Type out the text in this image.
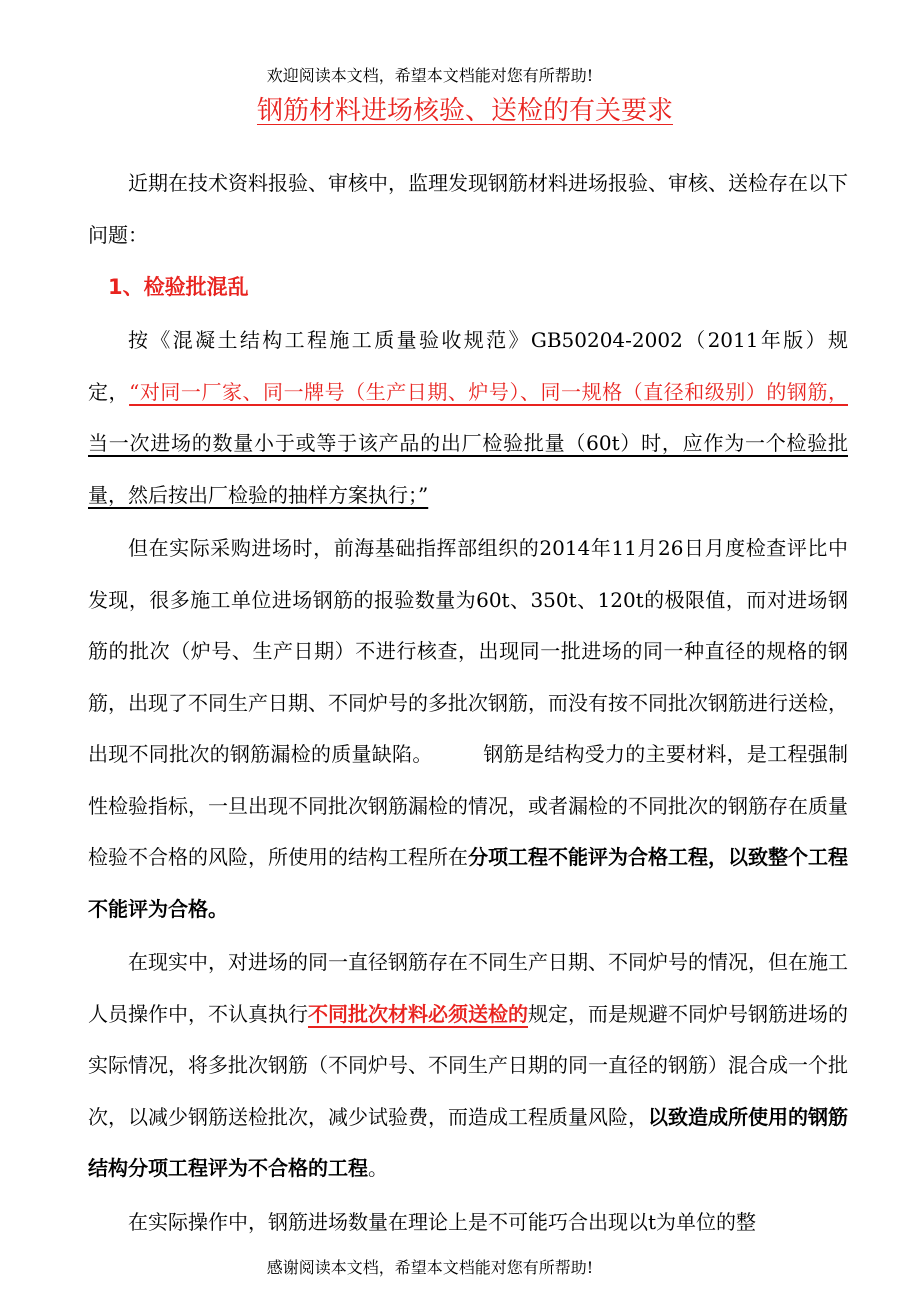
欢迎阅读本文档，希望本文档能对您有所帮助!
钢筋材料进场核验、送检的有关要求

近期在技术资料报验、审核中，监理发现钢筋材料进场报验、审核、送检存在以下问题：

1、检验批混乱

按《混凝土结构工程施工质量验收规范》GB50204-2002（2011年版）规定，“对同一厂家、同一牌号（生产日期、炉号）、同一规格（直径和级别）的钢筋，当一次进场的数量小于或等于该产品的出厂检验批量（60t）时，应作为一个检验批量，然后按出厂检验的抽样方案执行；”

但在实际采购进场时，前海基础指挥部组织的2014年11月26日月度检查评比中发现，很多施工单位进场钢筋的报验数量为60t、350t、120t的极限值，而对进场钢筋的批次（炉号、生产日期）不进行核查，出现同一批进场的同一种直径的规格的钢筋，出现了不同生产日期、不同炉号的多批次钢筋，而没有按不同批次钢筋进行送检，出现不同批次的钢筋漏检的质量缺陷。　　　钢筋是结构受力的主要材料，是工程强制性检验指标，一旦出现不同批次钢筋漏检的情况，或者漏检的不同批次的钢筋存在质量检验不合格的风险，所使用的结构工程所在分项工程不能评为合格工程，以致整个工程不能评为合格。

在现实中，对进场的同一直径钢筋存在不同生产日期、不同炉号的情况，但在施工人员操作中，不认真执行不同批次材料必须送检的规定，而是规避不同炉号钢筋进场的实际情况，将多批次钢筋（不同炉号、不同生产日期的同一直径的钢筋）混合成一个批次，以减少钢筋送检批次，减少试验费，而造成工程质量风险，以致造成所使用的钢筋结构分项工程评为不合格的工程。

在实际操作中，钢筋进场数量在理论上是不可能巧合出现以t为单位的整

感谢阅读本文档，希望本文档能对您有所帮助!
